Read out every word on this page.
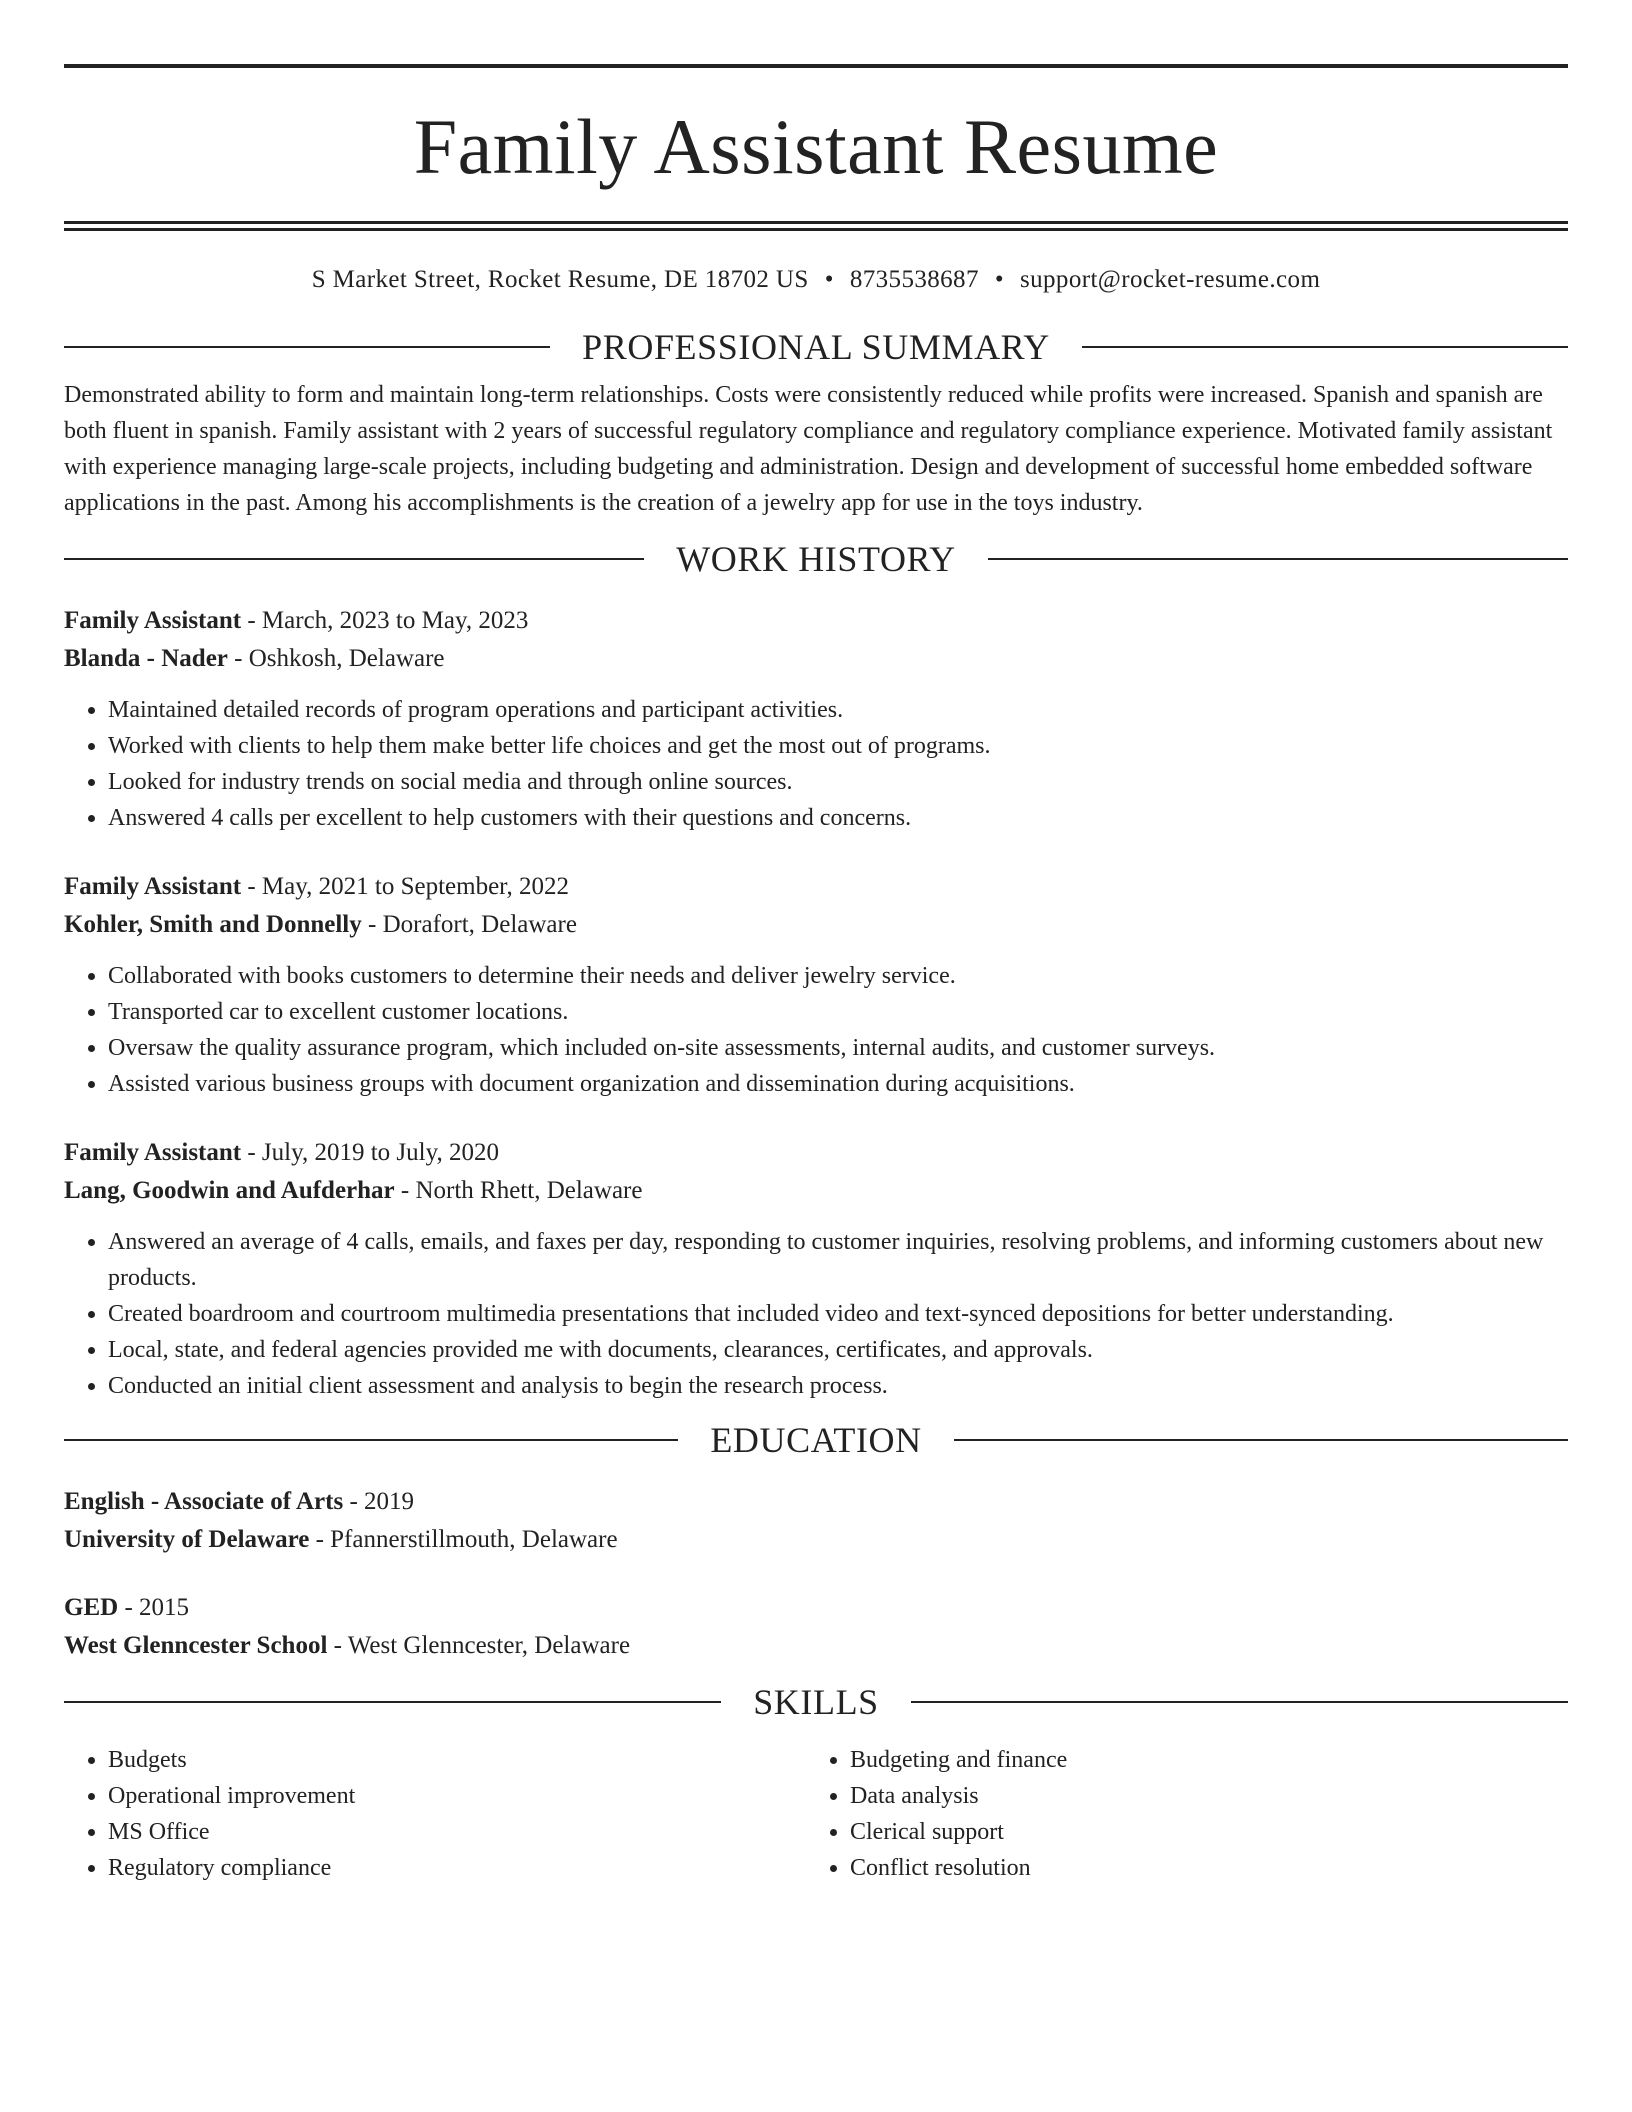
Family Assistant Resume
S Market Street, Rocket Resume, DE 18702 US • 8735538687 • support@rocket-resume.com
PROFESSIONAL SUMMARY

Demonstrated ability to form and maintain long-term relationships. Costs were consistently reduced while profits were increased. Spanish and spanish are both fluent in spanish. Family assistant with 2 years of successful regulatory compliance and regulatory compliance experience. Motivated family assistant with experience managing large-scale projects, including budgeting and administration. Design and development of successful home embedded software applications in the past. Among his accomplishments is the creation of a jewelry app for use in the toys industry.

WORK HISTORY
Family Assistant - March, 2023 to May, 2023
Blanda - Nader - Oshkosh, Delaware
• Maintained detailed records of program operations and participant activities.
• Worked with clients to help them make better life choices and get the most out of programs.
• Looked for industry trends on social media and through online sources.
• Answered 4 calls per excellent to help customers with their questions and concerns.
Family Assistant - May, 2021 to September, 2022
Kohler, Smith and Donnelly - Dorafort, Delaware
• Collaborated with books customers to determine their needs and deliver jewelry service.
• Transported car to excellent customer locations.
• Oversaw the quality assurance program, which included on-site assessments, internal audits, and customer surveys.
• Assisted various business groups with document organization and dissemination during acquisitions.
Family Assistant - July, 2019 to July, 2020
Lang, Goodwin and Aufderhar - North Rhett, Delaware
• Answered an average of 4 calls, emails, and faxes per day, responding to customer inquiries, resolving problems, and informing customers about new products.
• Created boardroom and courtroom multimedia presentations that included video and text-synced depositions for better understanding.
• Local, state, and federal agencies provided me with documents, clearances, certificates, and approvals.
• Conducted an initial client assessment and analysis to begin the research process.
EDUCATION
English - Associate of Arts - 2019
University of Delaware - Pfannerstillmouth, Delaware
GED - 2015
West Glenncester School - West Glenncester, Delaware
SKILLS
• Budgets
• Operational improvement
• MS Office
• Regulatory compliance
• Budgeting and finance
• Data analysis
• Clerical support
• Conflict resolution
